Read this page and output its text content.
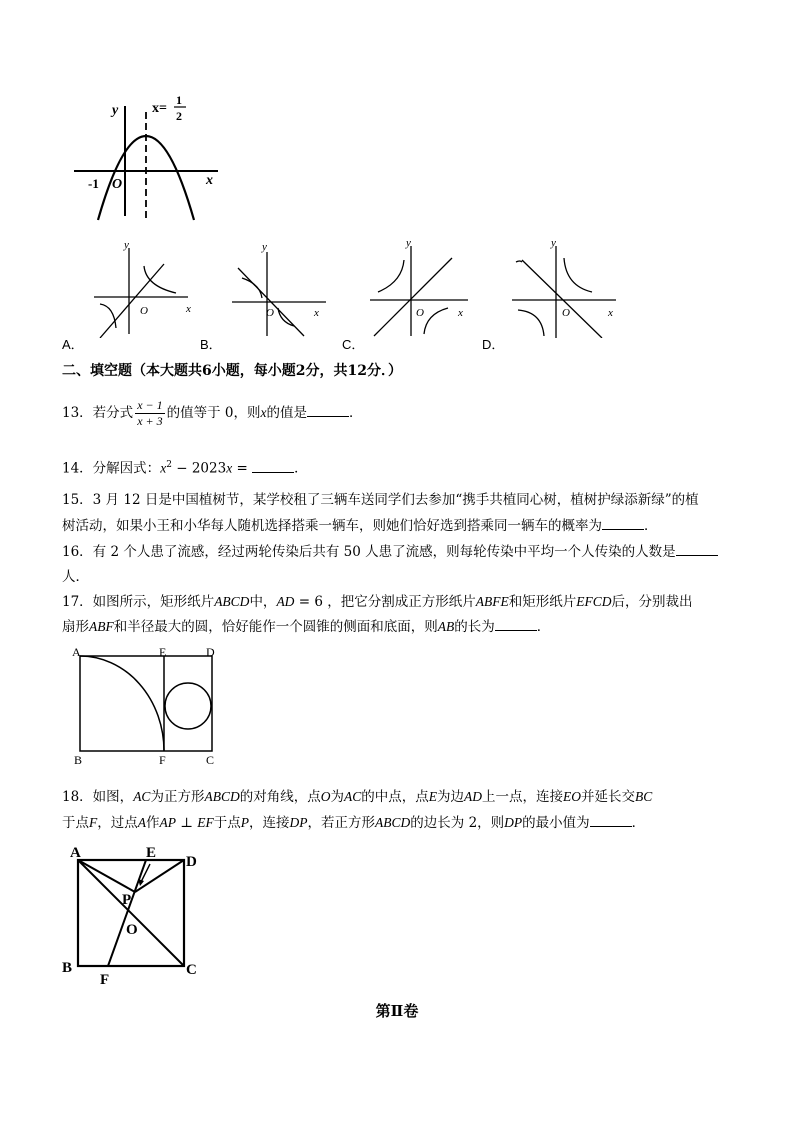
y
x
-1 O
x=
1
2
y
x
O
y
x
O
y
x
O
y
x
O
A．	B．	C．	D．
二、填空题（本大题共6小题，每小题2分，共12分．）
13．若分式 $\frac{x - 1}{x + 3}$ 的值等于 0，则x的值是	．
14．分解因式：$x^2 - 2023x$ =	．
15．3 月 12 日是中国植树节，某学校租了三辆车送同学们去参加“携手共植同心树，植树护绿添新绿”的植
树活动，如果小王和小华每人随机选择搭乘一辆车，则她们恰好选到搭乘同一辆车的概率为	．
16．有 2 个人患了流感，经过两轮传染后共有 50 人患了流感，则每轮传染中平均一个人传染的人数是
人．
17．如图所示，矩形纸片ABCD中，AD = 6 ，把它分割成正方形纸片ABFE和矩形纸片EFCD后，分别裁出
扇形ABF和半径最大的圆，恰好能作一个圆锥的侧面和底面，则AB的长为	．
A	E	D
B	F	C
18．如图，AC为正方形ABCD的对角线，点O为AC的中点，点E为边AD上一点，连接EO并延长交BC
于点F，过点A作AP ⊥ EF于点P，连接DP，若正方形ABCD的边长为 2，则DP的最小值为	．
A	E
D
P
O
B
F
C
第Ⅱ卷
